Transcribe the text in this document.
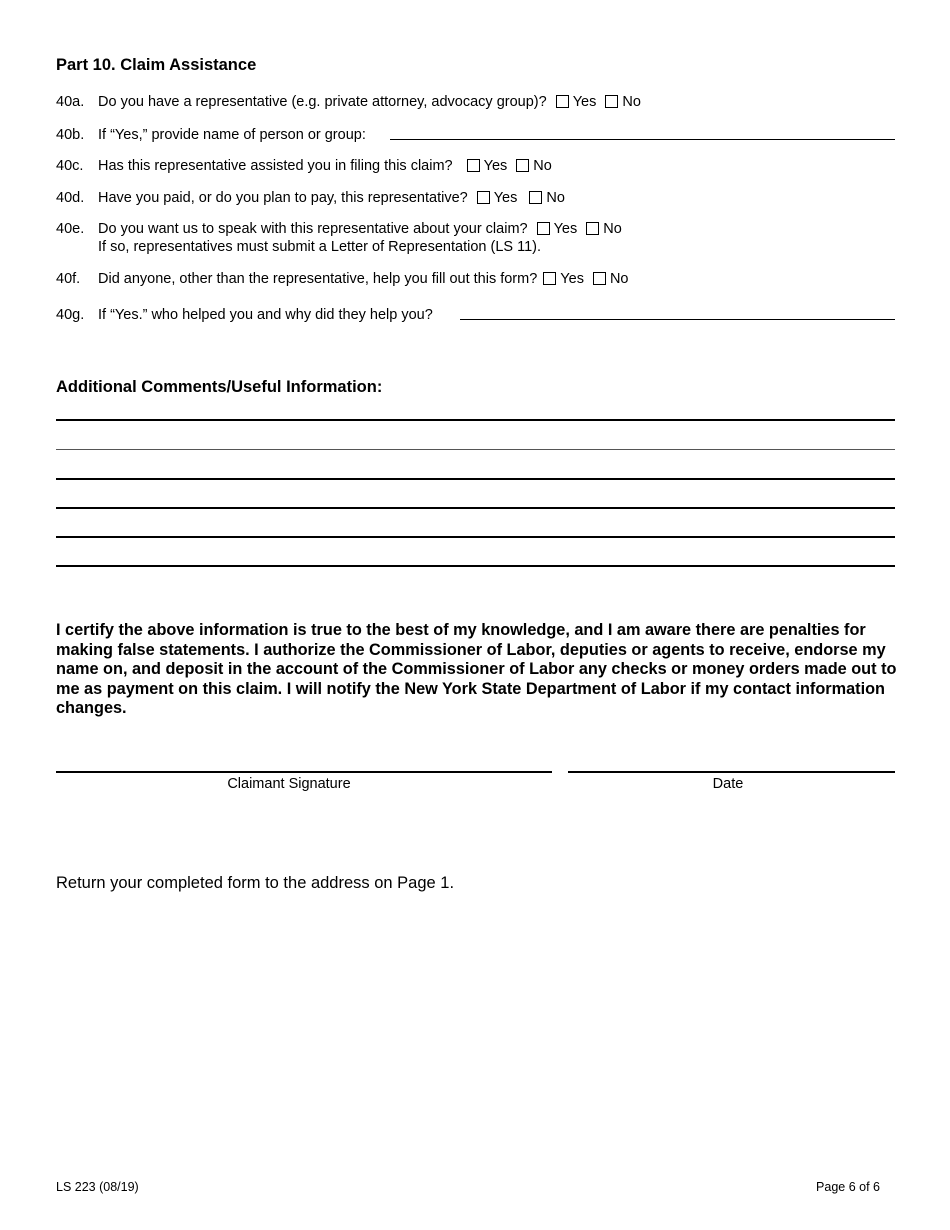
Part 10. Claim Assistance
40a. Do you have a representative (e.g. private attorney, advocacy group)? Yes No
40b. If “Yes,” provide name of person or group:
40c. Has this representative assisted you in filing this claim? Yes No
40d. Have you paid, or do you plan to pay, this representative? Yes No
40e. Do you want us to speak with this representative about your claim? Yes No
If so, representatives must submit a Letter of Representation (LS 11).
40f. Did anyone, other than the representative, help you fill out this form? Yes No
40g. If “Yes.” who helped you and why did they help you?
Additional Comments/Useful Information:
I certify the above information is true to the best of my knowledge, and I am aware there are penalties for making false statements. I authorize the Commissioner of Labor, deputies or agents to receive, endorse my name on, and deposit in the account of the Commissioner of Labor any checks or money orders made out to me as payment on this claim. I will notify the New York State Department of Labor if my contact information changes.
Claimant Signature	Date
Return your completed form to the address on Page 1.
LS 223 (08/19)	Page 6 of 6
